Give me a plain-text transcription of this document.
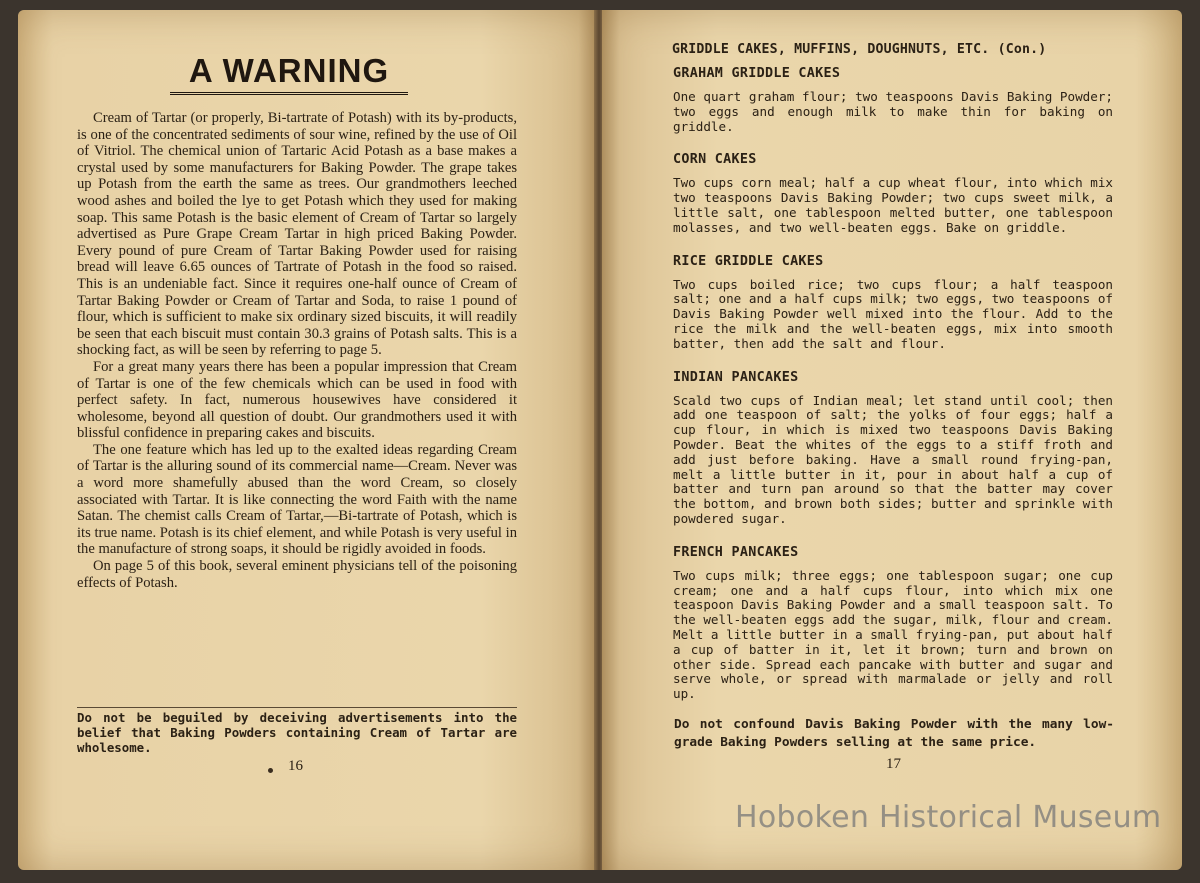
A WARNING

Cream of Tartar (or properly, Bi-tartrate of Potash) with its by-products, is one of the concentrated sediments of sour wine, refined by the use of Oil of Vitriol. The chemical union of Tartaric Acid Potash as a base makes a crystal used by some manufacturers for Baking Powder. The grape takes up Potash from the earth the same as trees. Our grandmothers leeched wood ashes and boiled the lye to get Potash which they used for making soap. This same Potash is the basic element of Cream of Tartar so largely advertised as Pure Grape Cream Tartar in high priced Baking Powder. Every pound of pure Cream of Tartar Baking Powder used for raising bread will leave 6.65 ounces of Tartrate of Potash in the food so raised. This is an undeniable fact. Since it requires one-half ounce of Cream of Tartar Baking Powder or Cream of Tartar and Soda, to raise 1 pound of flour, which is sufficient to make six ordinary sized biscuits, it will readily be seen that each biscuit must contain 30.3 grains of Potash salts. This is a shocking fact, as will be seen by referring to page 5.

For a great many years there has been a popular impression that Cream of Tartar is one of the few chemicals which can be used in food with perfect safety. In fact, numerous housewives have considered it wholesome, beyond all question of doubt. Our grandmothers used it with blissful confidence in preparing cakes and biscuits.

The one feature which has led up to the exalted ideas regarding Cream of Tartar is the alluring sound of its commercial name—Cream. Never was a word more shamefully abused than the word Cream, so closely associated with Tartar. It is like connecting the word Faith with the name Satan. The chemist calls Cream of Tartar,—Bi-tartrate of Potash, which is its true name. Potash is its chief element, and while Potash is very useful in the manufacture of strong soaps, it should be rigidly avoided in foods.

On page 5 of this book, several eminent physicians tell of the poisoning effects of Potash.

Do not be beguiled by deceiving advertisements into the belief that Baking Powders containing Cream of Tartar are wholesome.
16
GRIDDLE CAKES, MUFFINS, DOUGHNUTS, ETC. (Con.)
GRAHAM GRIDDLE CAKES

One quart graham flour; two teaspoons Davis Baking Powder; two eggs and enough milk to make thin for baking on griddle.

CORN CAKES

Two cups corn meal; half a cup wheat flour, into which mix two teaspoons Davis Baking Powder; two cups sweet milk, a little salt, one tablespoon melted butter, one tablespoon molasses, and two well-beaten eggs. Bake on griddle.

RICE GRIDDLE CAKES

Two cups boiled rice; two cups flour; a half teaspoon salt; one and a half cups milk; two eggs, two teaspoons of Davis Baking Powder well mixed into the flour. Add to the rice the milk and the well-beaten eggs, mix into smooth batter, then add the salt and flour.

INDIAN PANCAKES

Scald two cups of Indian meal; let stand until cool; then add one teaspoon of salt; the yolks of four eggs; half a cup flour, in which is mixed two teaspoons Davis Baking Powder. Beat the whites of the eggs to a stiff froth and add just before baking. Have a small round frying-pan, melt a little butter in it, pour in about half a cup of batter and turn pan around so that the batter may cover the bottom, and brown both sides; butter and sprinkle with powdered sugar.

FRENCH PANCAKES

Two cups milk; three eggs; one tablespoon sugar; one cup cream; one and a half cups flour, into which mix one teaspoon Davis Baking Powder and a small teaspoon salt. To the well-beaten eggs add the sugar, milk, flour and cream. Melt a little butter in a small frying-pan, put about half a cup of batter in it, let it brown; turn and brown on other side. Spread each pancake with butter and sugar and serve whole, or spread with marmalade or jelly and roll up.

Do not confound Davis Baking Powder with the many low-grade Baking Powders selling at the same price.
17
Hoboken Historical Museum
